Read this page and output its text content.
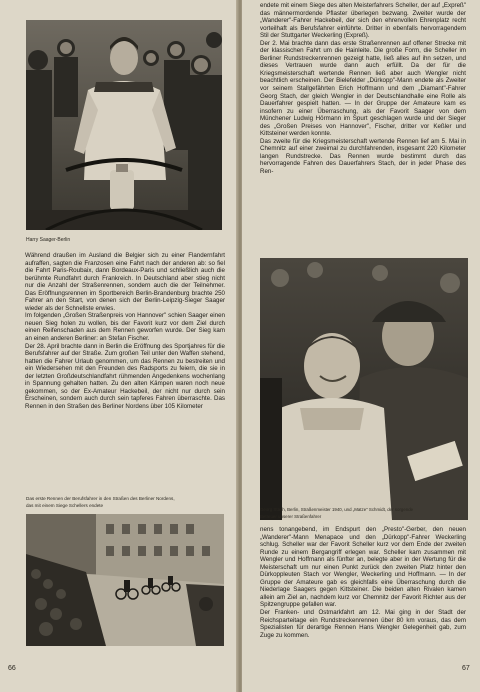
Harry Saager-Berlin

Während draußen im Ausland die Belgier sich zu einer Flandernfahrt aufraffen, sagten die Franzosen eine Fahrt nach der anderen ab: so fiel die Fahrt Paris-Roubaix, dann Bordeaux-Paris und schließlich auch die berühmte Rundfahrt durch Frankreich. In Deutschland aber stieg nicht nur die Anzahl der Straßenrennen, sondern auch die der Teilnehmer. Das Eröffnungsrennen im Sportbereich Berlin-Brandenburg brachte 250 Fahrer an den Start, von denen sich der Berlin-Leipzig-Sieger Saager wieder als der Schnellste erwies.

Im folgenden „Großen Straßenpreis von Hannover" schien Saager einen neuen Sieg holen zu wollen, bis der Favorit kurz vor dem Ziel durch einen Reifenschaden aus dem Rennen geworfen wurde. Der Sieg kam an einen anderen Berliner: an Stefan Fischer.

Der 28. April brachte dann in Berlin die Eröffnung des Sportjahres für die Berufsfahrer auf der Straße. Zum großen Teil unter den Waffen stehend, hatten die Fahrer Urlaub genommen, um das Rennen zu bestreiten und ein Wiedersehen mit den Freunden des Radsports zu feiern, die sie in der letzten Großdeutschlandfahrt rühmenden Angedenkens wochenlang in Spannung gehalten hatten. Zu den alten Kämpen waren noch neue gekommen, so der Ex-Amateur Hackebeil, der nicht nur durch sein Erscheinen, sondern auch durch sein tapferes Fahren überraschte. Das Rennen in den Straßen des Berliner Nordens über 105 Kilometer

Das erste Rennen der Berufsfahrer in den Straßen des Berliner Nordens,
das mit einem Siege Schellers endete
66

endete mit einem Siege des alten Meisterfahrers Scheller, der auf „Expreß" das männermordende Pflaster überlegen bezwang. Zweiter wurde der „Wanderer"-Fahrer Hackebeil, der sich den ehrenvollen Ehrenplatz recht vorteilhaft als Berufsfahrer einführte. Dritter in ebenfalls hervorragendem Stil der Stuttgarter Weckerling (Expreß).

Der 2. Mai brachte dann das erste Straßenrennen auf offener Strecke mit der klassischen Fahrt um die Hainleite. Die große Form, die Scheller im Berliner Rundstreckenrennen gezeigt hatte, ließ alles auf ihn setzen, und dieses Vertrauen wurde dann auch erfüllt. Da der für die Kriegsmeisterschaft wertende Rennen ließ aber auch Wengler nicht beachtlich erscheinen. Der Bielefelder „Dürkopp"-Mann endete als Zweiter vor seinem Stallgefährten Erich Hoffmann und dem „Diamant"-Fahrer Georg Stach, der gleich Wengler in der Deutschlandhalle eine Rolle als Dauerfahrer gespielt hatten. — In der Gruppe der Amateure kam es insofern zu einer Überraschung, als der Favorit Saager von dem Münchener Ludwig Hörmann im Spurt geschlagen wurde und der Sieger des „Großen Preises von Hannover", Fischer, dritter vor Keßler und Kittsteiner werden konnte.

Das zweite für die Kriegsmeisterschaft wertende Rennen lief am 5. Mai in Chemnitz auf einer zweimal zu durchfahrenden, insgesamt 220 Kilometer langen Rundstrecke. Das Rennen wurde bestimmt durch das hervorragende Fahren des Dauerfahrers Stach, der in jeder Phase des Ren-

Georg Stach, Berlin, Straßenmeister 1940, und „Matze" Schmidt, der sorgende
Betreuer unserer Straßenfahrer

nens tonangebend, im Endspurt den „Presto"-Gerber, den neuen „Wanderer"-Mann Menapace und den „Dürkopp"-Fahrer Weckerling schlug. Scheller war der Favorit Scheller kurz vor dem Ende der zweiten Runde zu einem Bergangriff erlegen war. Scheller kam zusammen mit Wengler und Hoffmann als fünfter an, belegte aber in der Wertung für die Meisterschaft um nur einen Punkt zurück den zweiten Platz hinter den Dürkoppleuten Stach vor Wengler, Weckerling und Hoffmann. — In der Gruppe der Amateure gab es gleichfalls eine Überraschung durch die Niederlage Saagers gegen Kittsteiner. Die beiden alten Rivalen kamen allein am Ziel an, nachdem kurz vor Chemnitz der Favorit Richter aus der Spitzengruppe gefallen war.

Der Franken- und Ostmarkfahrt am 12. Mai ging in der Stadt der Reichsparteitage ein Rundstreckenrennen über 80 km voraus, das dem Spezialisten für derartige Rennen Hans Wengler Gelegenheit gab, zum Zuge zu kommen.

67
